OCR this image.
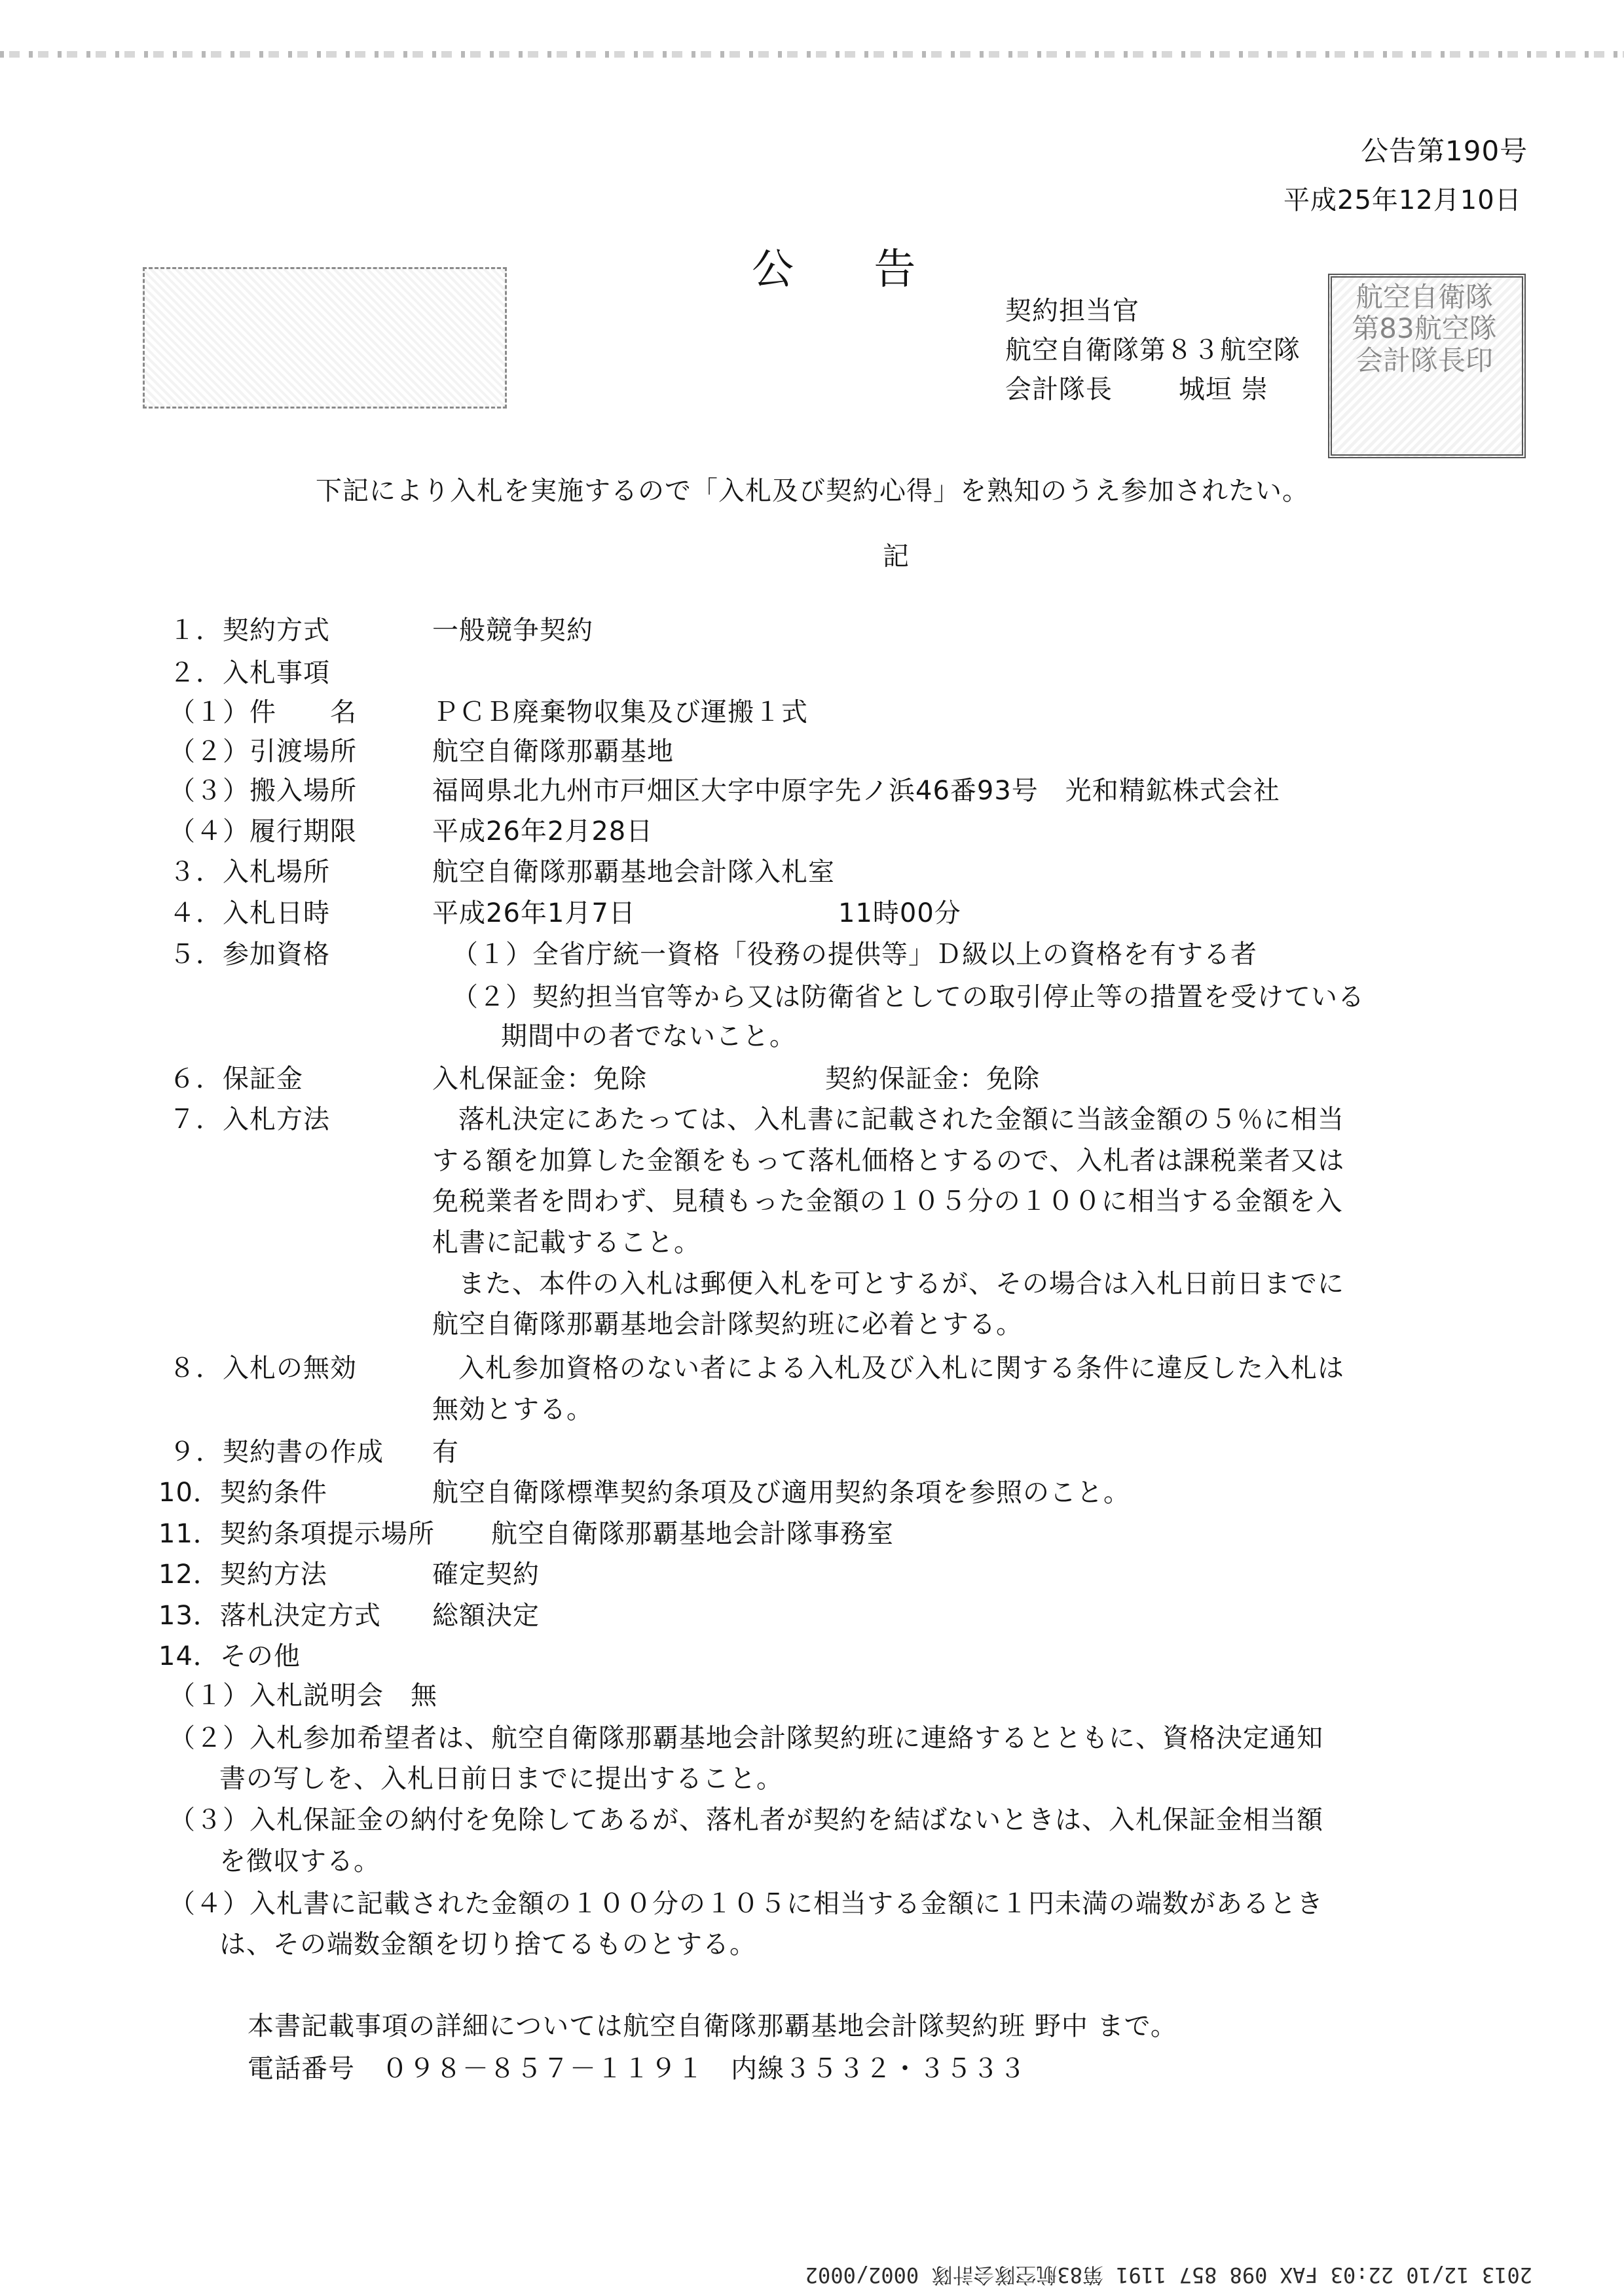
公告第190号
平成25年12月10日
公 告
契約担当官
航空自衛隊第８３航空隊
会計隊長	城垣 崇
航空自衛隊第83航空隊会計隊長印
下記により入札を実施するので「入札及び契約心得」を熟知のうえ参加されたい。
記
１．契約方式	一般競争契約
２．入札事項
（１）件　　名	ＰＣＢ廃棄物収集及び運搬１式
（２）引渡場所	航空自衛隊那覇基地
（３）搬入場所	福岡県北九州市戸畑区大字中原字先ノ浜46番93号　光和精鉱株式会社
（４）履行期限	平成26年2月28日
３．入札場所	航空自衛隊那覇基地会計隊入札室
４．入札日時	平成26年1月7日	11時00分
５．参加資格	（１）全省庁統一資格「役務の提供等」Ｄ級以上の資格を有する者
（２）契約担当官等から又は防衛省としての取引停止等の措置を受けている
期間中の者でないこと。
６．保証金	入札保証金：免除	契約保証金：免除
７．入札方法	落札決定にあたっては、入札書に記載された金額に当該金額の５％に相当
する額を加算した金額をもって落札価格とするので、入札者は課税業者又は
免税業者を問わず、見積もった金額の１０５分の１００に相当する金額を入
札書に記載すること。
また、本件の入札は郵便入札を可とするが、その場合は入札日前日までに
航空自衛隊那覇基地会計隊契約班に必着とする。
８．入札の無効	入札参加資格のない者による入札及び入札に関する条件に違反した入札は
無効とする。
９．契約書の作成 有
10．契約条件	航空自衛隊標準契約条項及び適用契約条項を参照のこと。
11．契約条項提示場所 航空自衛隊那覇基地会計隊事務室
12．契約方法	確定契約
13．落札決定方式 総額決定
14．その他
（１）入札説明会　無
（２）入札参加希望者は、航空自衛隊那覇基地会計隊契約班に連絡するとともに、資格決定通知
書の写しを、入札日前日までに提出すること。
（３）入札保証金の納付を免除してあるが、落札者が契約を結ばないときは、入札保証金相当額
を徴収する。
（４）入札書に記載された金額の１００分の１０５に相当する金額に１円未満の端数があるとき
は、その端数金額を切り捨てるものとする。
本書記載事項の詳細については航空自衛隊那覇基地会計隊契約班 野中 まで。
電話番号　０９８－８５７－１１９１　内線３５３２・３５３３
2013 12/10 22:03 FAX 098 857 1191 第83航空隊会計隊 0002/0002
